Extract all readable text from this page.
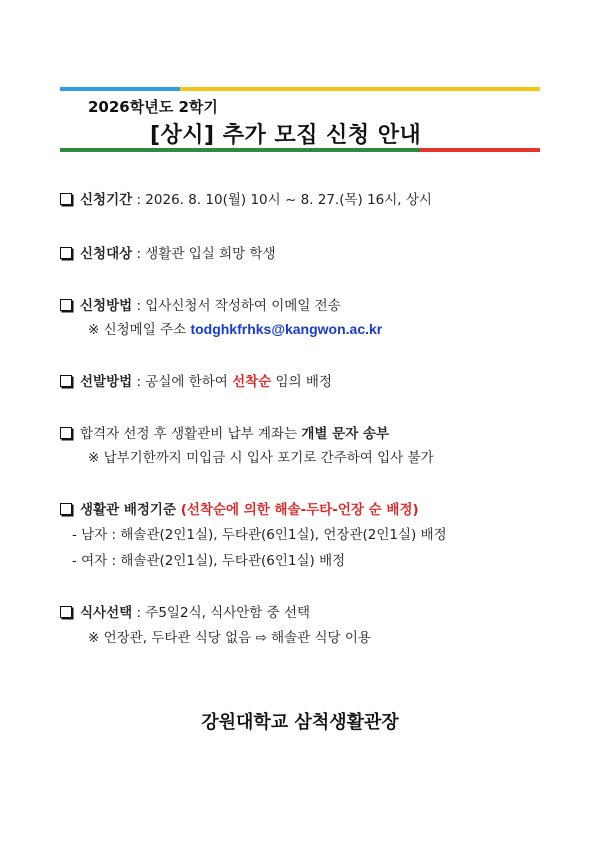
2026학년도 2학기
[상시] 추가 모집 신청 안내
신청기간 : 2026. 8. 10(월) 10시 ~ 8. 27.(목) 16시, 상시
신청대상 : 생활관 입실 희망 학생
신청방법 : 입사신청서 작성하여 이메일 전송
※ 신청메일 주소 todghkfrhks@kangwon.ac.kr
선발방법 : 공실에 한하여 선착순 임의 배정
합격자 선정 후 생활관비 납부 계좌는 개별 문자 송부
※ 납부기한까지 미입금 시 입사 포기로 간주하여 입사 불가
생활관 배정기준 (선착순에 의한 해솔-두타-언장 순 배정)
- 남자 : 해솔관(2인1실), 두타관(6인1실), 언장관(2인1실) 배정
- 여자 : 해솔관(2인1실), 두타관(6인1실) 배정
식사선택 : 주5일2식, 식사안함 중 선택
※ 언장관, 두타관 식당 없음 ⇨ 해솔관 식당 이용
강원대학교 삼척생활관장
